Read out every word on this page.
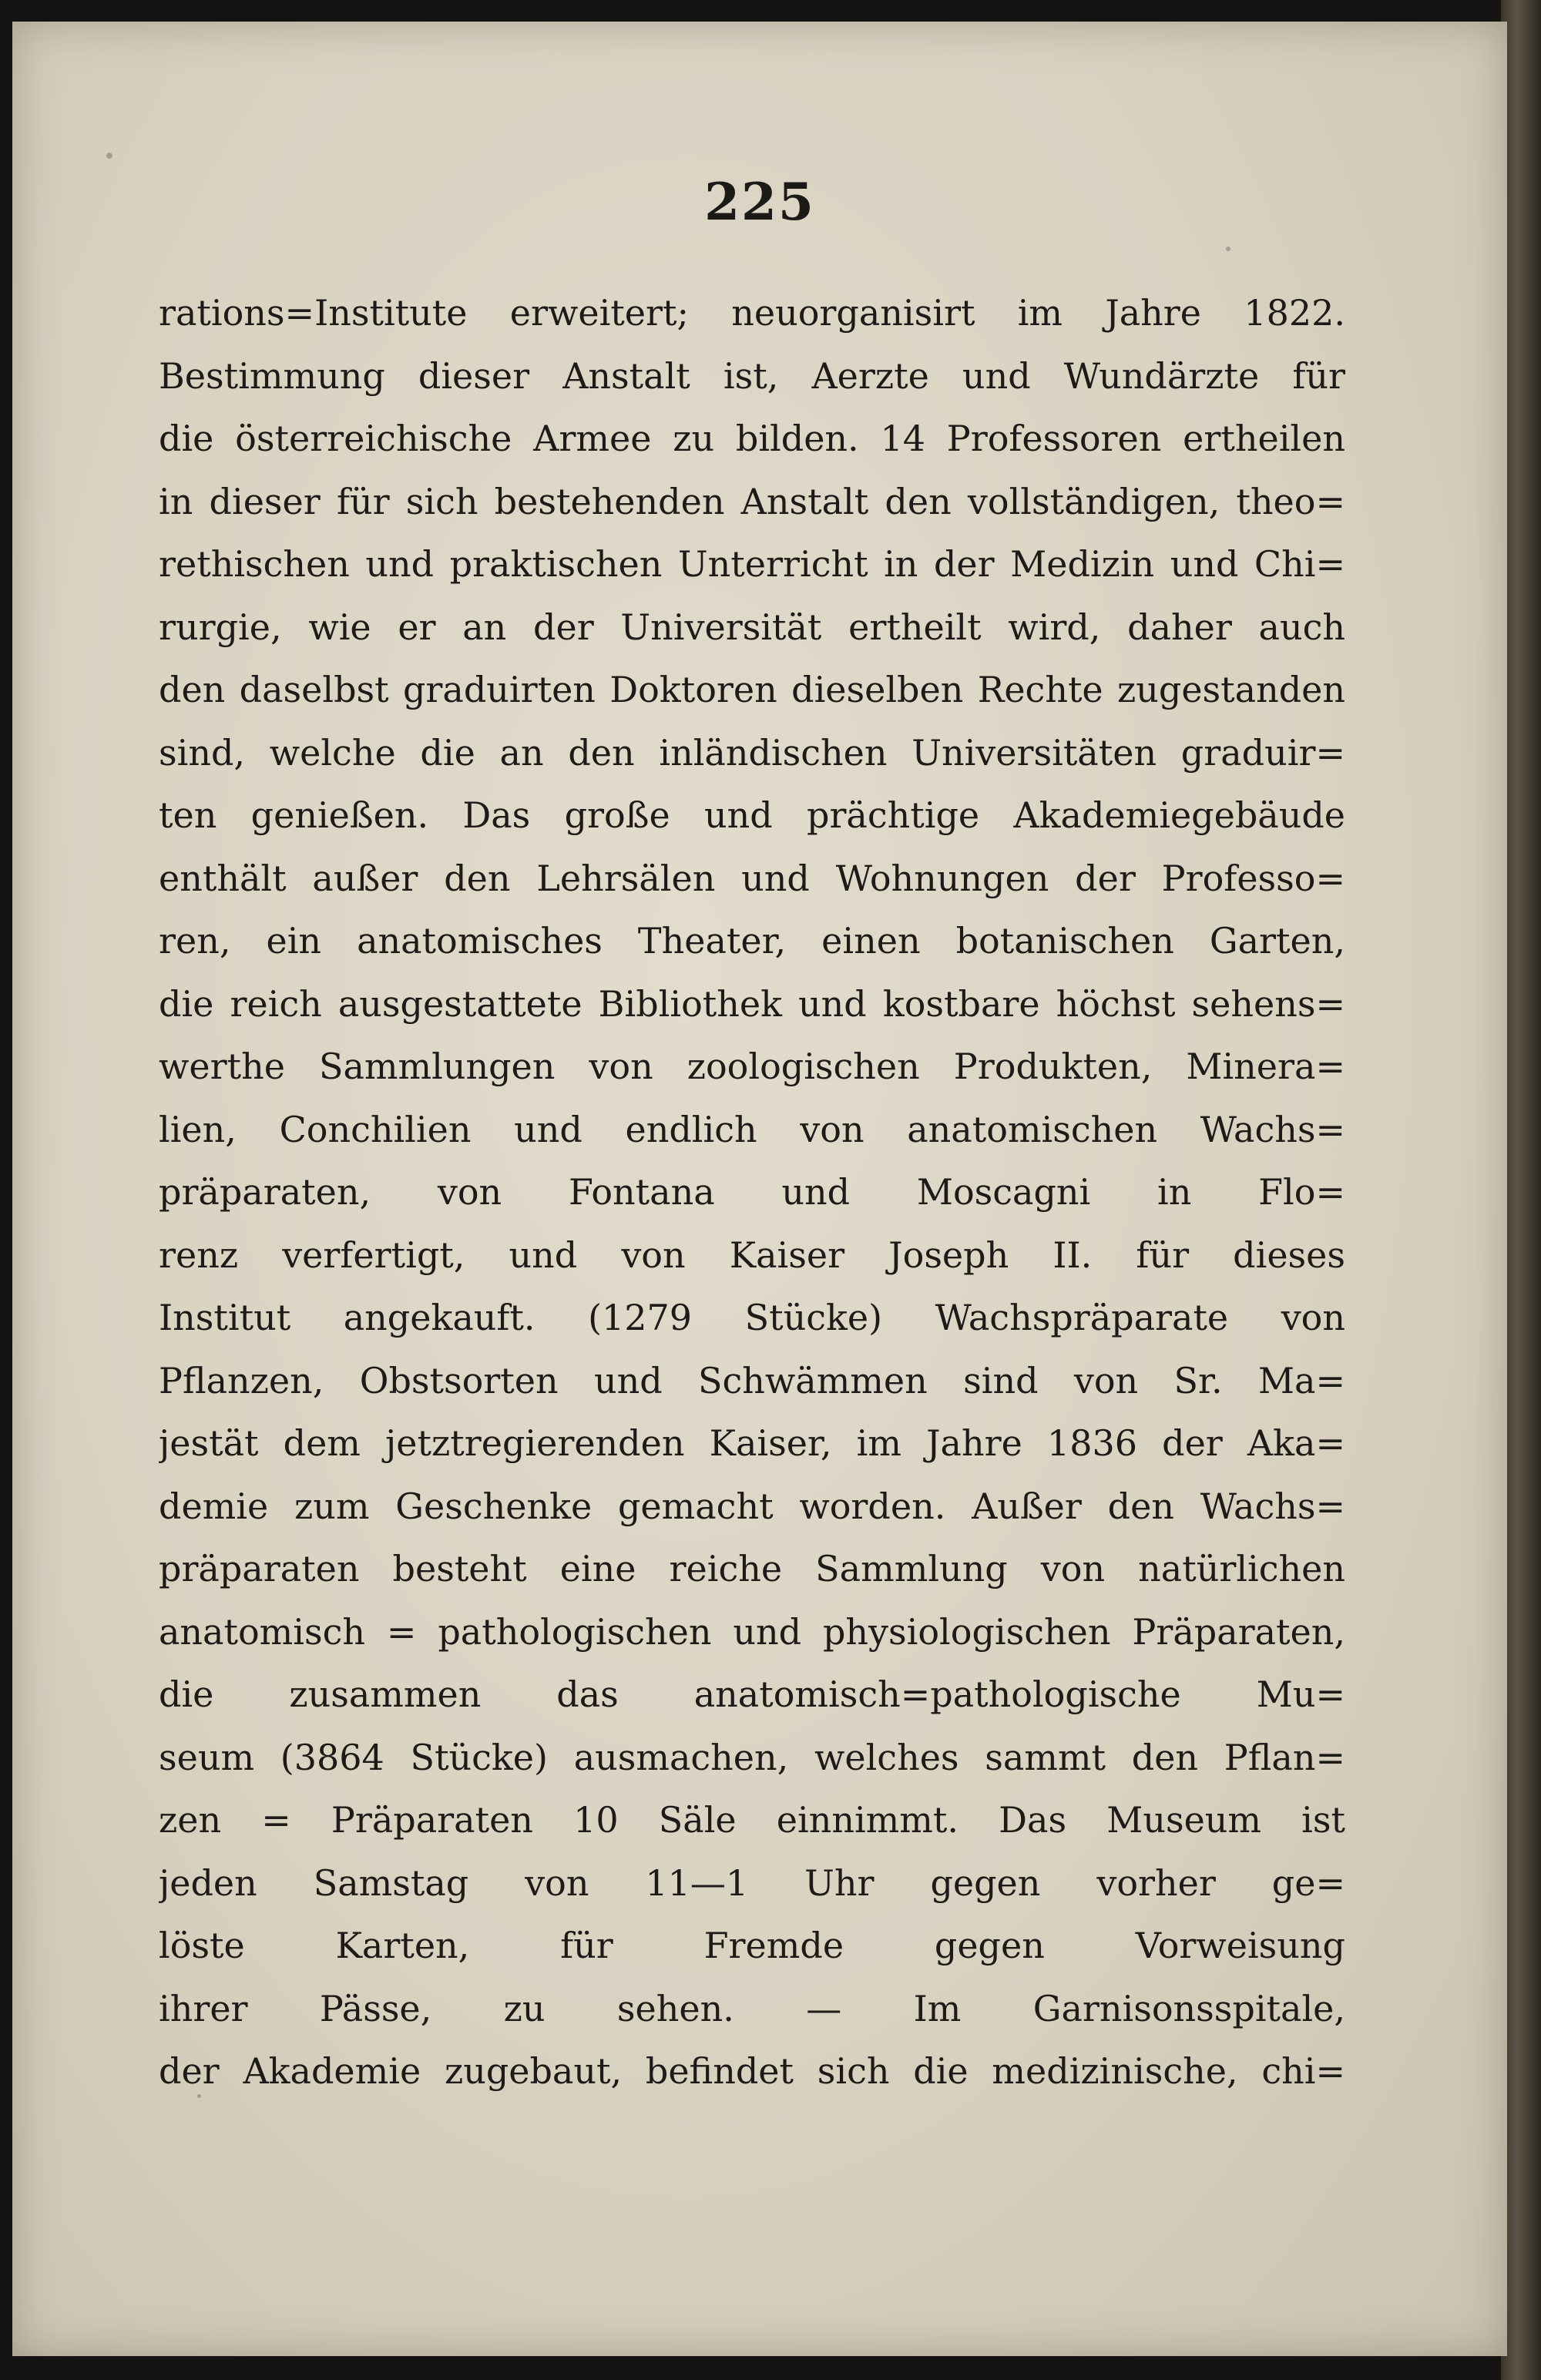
225
rations=Institute erweitert; neuorganisirt im Jahre 1822.
Bestimmung dieser Anstalt ist, Aerzte und Wundärzte für
die österreichische Armee zu bilden. 14 Professoren ertheilen
in dieser für sich bestehenden Anstalt den vollständigen, theo=
rethischen und praktischen Unterricht in der Medizin und Chi=
rurgie, wie er an der Universität ertheilt wird, daher auch
den daselbst graduirten Doktoren dieselben Rechte zugestanden
sind, welche die an den inländischen Universitäten graduir=
ten genießen. Das große und prächtige Akademiegebäude
enthält außer den Lehrsälen und Wohnungen der Professo=
ren, ein anatomisches Theater, einen botanischen Garten,
die reich ausgestattete Bibliothek und kostbare höchst sehens=
werthe Sammlungen von zoologischen Produkten, Minera=
lien, Conchilien und endlich von anatomischen Wachs=
präparaten, von Fontana und Moscagni in Flo=
renz verfertigt, und von Kaiser Joseph II. für dieses
Institut angekauft. (1279 Stücke) Wachspräparate von
Pflanzen, Obstsorten und Schwämmen sind von Sr. Ma=
jestät dem jetztregierenden Kaiser, im Jahre 1836 der Aka=
demie zum Geschenke gemacht worden. Außer den Wachs=
präparaten besteht eine reiche Sammlung von natürlichen
anatomisch = pathologischen und physiologischen Präparaten,
die zusammen das anatomisch=pathologische Mu=
seum (3864 Stücke) ausmachen, welches sammt den Pflan=
zen = Präparaten 10 Säle einnimmt. Das Museum ist
jeden Samstag von 11—1 Uhr gegen vorher ge=
löste Karten, für Fremde gegen Vorweisung
ihrer Pässe, zu sehen. — Im Garnisonsspitale,
der Akademie zugebaut, befindet sich die medizinische, chi=
